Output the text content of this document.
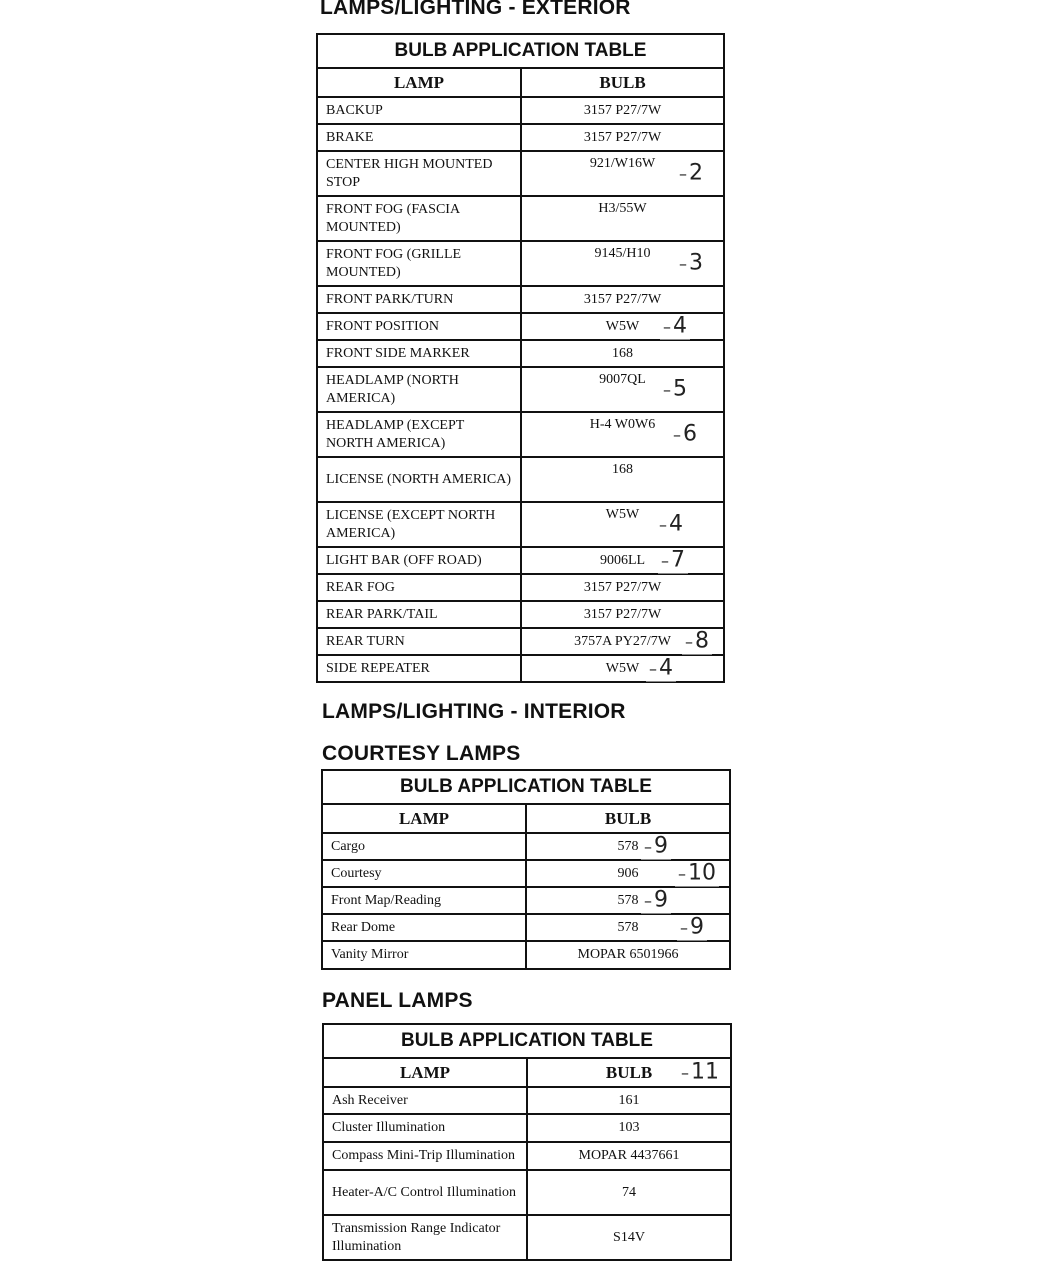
LAMPS/LIGHTING - EXTERIOR
BULB APPLICATION TABLE	
LAMP	BULB
BACKUP	3157 P27/7W
BRAKE	3157 P27/7W
CENTER HIGH MOUNTED STOP	921/W16W
–2

FRONT FOG (FASCIA MOUNTED)	H3/55W

FRONT FOG (GRILLE MOUNTED)	9145/H10
–3

FRONT PARK/TURN	3157 P27/7W
FRONT POSITION	W5W –4

FRONT SIDE MARKER	168
HEADLAMP (NORTH AMERICA)	9007QL
–5

HEADLAMP (EXCEPT NORTH AMERICA)	H-4 W0W6
–6

LICENSE (NORTH AMERICA)	168

LICENSE (EXCEPT NORTH AMERICA)	W5W
–4

LIGHT BAR (OFF ROAD)	9006LL –7

REAR FOG	3157 P27/7W
REAR PARK/TAIL	3157 P27/7W
REAR TURN	3757A PY27/7W –8

SIDE REPEATER	W5W –4
LAMPS/LIGHTING - INTERIOR
COURTESY LAMPS
BULB APPLICATION TABLE	
LAMP	BULB
Cargo	578 –9

Courtesy	906 –10

Front Map/Reading	578 –9

Rear Dome	578 –9

Vanity Mirror	MOPAR 6501966
PANEL LAMPS
BULB APPLICATION TABLE	
LAMP	BULB –11

Ash Receiver	161
Cluster Illumination	103
Compass Mini-Trip Illumination	MOPAR 4437661
Heater-A/C Control Illumination	74
Transmission Range Indicator Illumination	S14V
